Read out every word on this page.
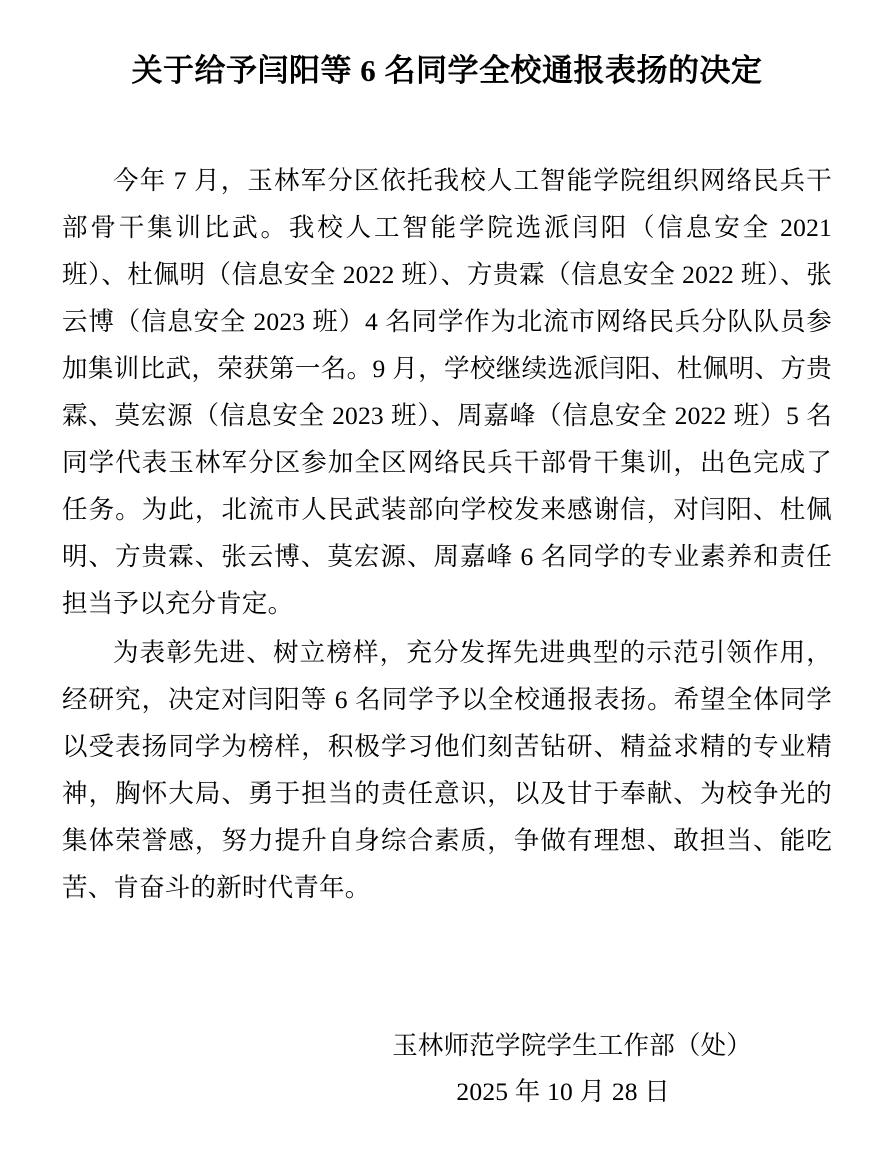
关于给予闫阳等 6 名同学全校通报表扬的决定

今年 7 月，玉林军分区依托我校人工智能学院组织网络民兵干部骨干集训比武。我校人工智能学院选派闫阳（信息安全 2021 班）、杜佩明（信息安全 2022 班）、方贵霖（信息安全 2022 班）、张云博（信息安全 2023 班）4 名同学作为北流市网络民兵分队队员参加集训比武，荣获第一名。9 月，学校继续选派闫阳、杜佩明、方贵霖、莫宏源（信息安全 2023 班）、周嘉峰（信息安全 2022 班）5 名同学代表玉林军分区参加全区网络民兵干部骨干集训，出色完成了任务。为此，北流市人民武装部向学校发来感谢信，对闫阳、杜佩明、方贵霖、张云博、莫宏源、周嘉峰 6 名同学的专业素养和责任担当予以充分肯定。

为表彰先进、树立榜样，充分发挥先进典型的示范引领作用，经研究，决定对闫阳等 6 名同学予以全校通报表扬。希望全体同学以受表扬同学为榜样，积极学习他们刻苦钻研、精益求精的专业精神，胸怀大局、勇于担当的责任意识，以及甘于奉献、为校争光的集体荣誉感，努力提升自身综合素质，争做有理想、敢担当、能吃苦、肯奋斗的新时代青年。

玉林师范学院学生工作部（处）
2025 年 10 月 28 日
